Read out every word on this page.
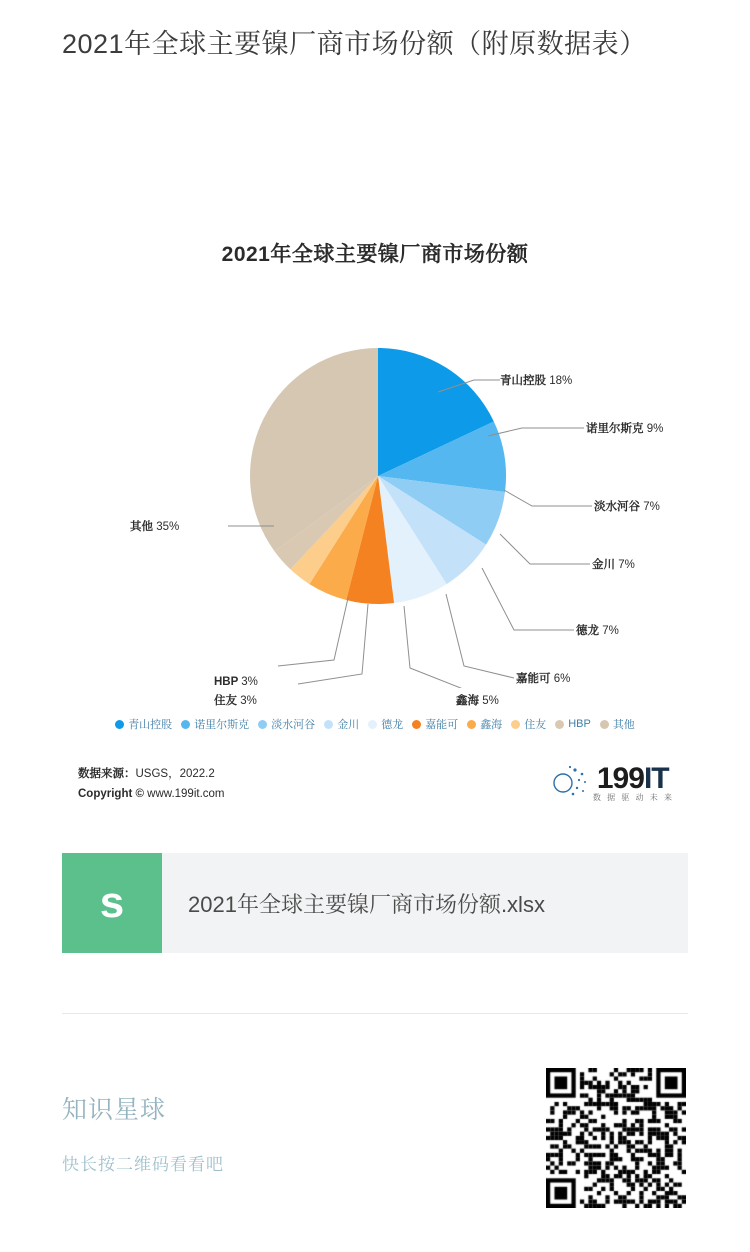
2021年全球主要镍厂商市场份额（附原数据表）
2021年全球主要镍厂商市场份额
青山控股 18%
诺里尔斯克 9%
淡水河谷 7%
金川 7%
德龙 7%
嘉能可 6%
鑫海 5%
HBP 3%
住友 3%
其他 35%
青山控股 诺里尔斯克 淡水河谷 金川 德龙 嘉能可 鑫海 住友 HBP 其他
数据来源：USGS，2022.2
Copyright © www.199it.com	199IT
数 据 驱 动 未 来
s	2021年全球主要镍厂商市场份额.xlsx
知识星球
快长按二维码看看吧
